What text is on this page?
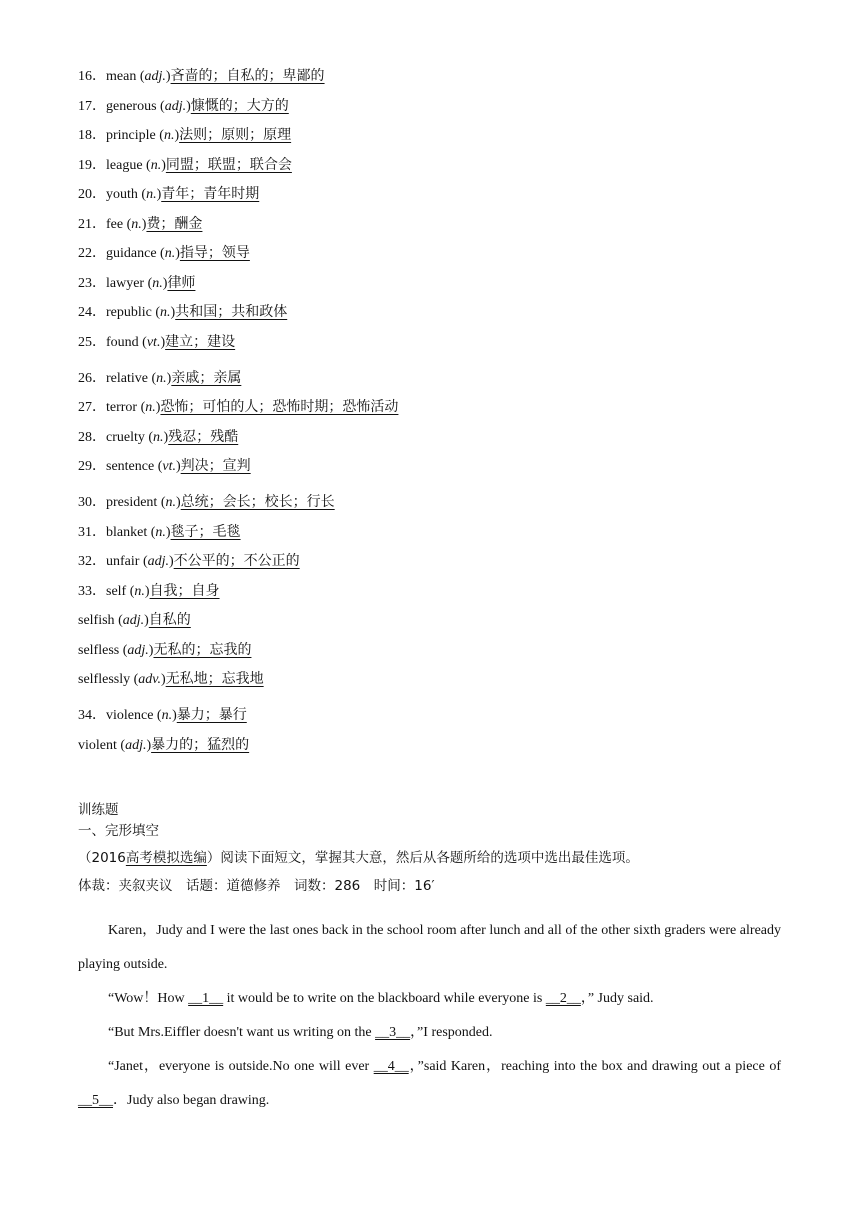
16．mean (adj.)吝啬的；自私的；卑鄙的
17．generous (adj.)慷慨的；大方的
18．principle (n.)法则；原则；原理
19．league (n.)同盟；联盟；联合会
20．youth (n.)青年；青年时期
21．fee (n.)费；酬金
22．guidance (n.)指导；领导
23．lawyer (n.)律师
24．republic (n.)共和国；共和政体
25．found (vt.)建立；建设
26．relative (n.)亲戚；亲属
27．terror (n.)恐怖；可怕的人；恐怖时期；恐怖活动
28．cruelty (n.)残忍；残酷
29．sentence (vt.)判决；宣判
30．president (n.)总统；会长；校长；行长
31．blanket (n.)毯子；毛毯
32．unfair (adj.)不公平的；不公正的
33．self (n.)自我；自身
selfish (adj.)自私的
selfless (adj.)无私的；忘我的
selflessly (adv.)无私地；忘我地
34．violence (n.)暴力；暴行
violent (adj.)暴力的；猛烈的
训练题
一、完形填空
（2016高考模拟选编）阅读下面短文，掌握其大意，然后从各题所给的选项中选出最佳选项。
体裁：夹叙夹议　话题：道德修养　词数：286　时间：16′

Karen，Judy and I were the last ones back in the school room after lunch and all of the other sixth graders were already playing outside.

“Wow！How __1__ it would be to write on the blackboard while everyone is __2__，” Judy said.

“But Mrs.Eiffler doesn't want us writing on the __3__，”I responded.

“Janet，everyone is outside.No one will ever __4__，”said Karen，reaching into the box and drawing out a piece of __5__．Judy also began drawing.
